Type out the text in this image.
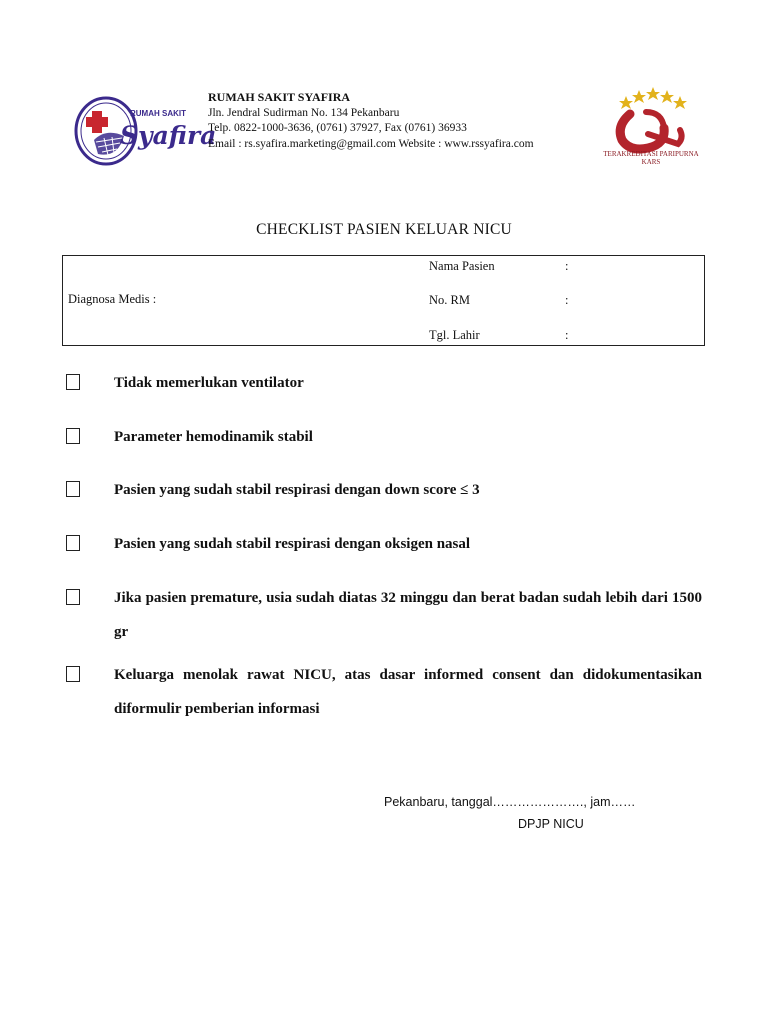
RUMAH SAKIT
Syafira
RUMAH SAKIT SYAFIRA
Jln. Jendral Sudirman No. 134 Pekanbaru
Telp. 0822-1000-3636, (0761) 37927, Fax (0761) 36933
Email : rs.syafira.marketing@gmail.com Website : www.rssyafira.com
TERAKREDITASI PARIPURNA
KARS
CHECKLIST PASIEN KELUAR NICU
Diagnosa Medis :
Nama Pasien	:
No. RM	:
Tgl. Lahir	:
Tidak memerlukan ventilator
Parameter hemodinamik stabil
Pasien yang sudah stabil respirasi dengan down score ≤ 3
Pasien yang sudah stabil respirasi dengan oksigen nasal
Jika pasien premature, usia sudah diatas 32 minggu dan berat badan sudah lebih dari 1500 gr
Keluarga menolak rawat NICU, atas dasar informed consent dan didokumentasikan diformulir pemberian informasi
Pekanbaru, tanggal…………………., jam……
DPJP NICU
